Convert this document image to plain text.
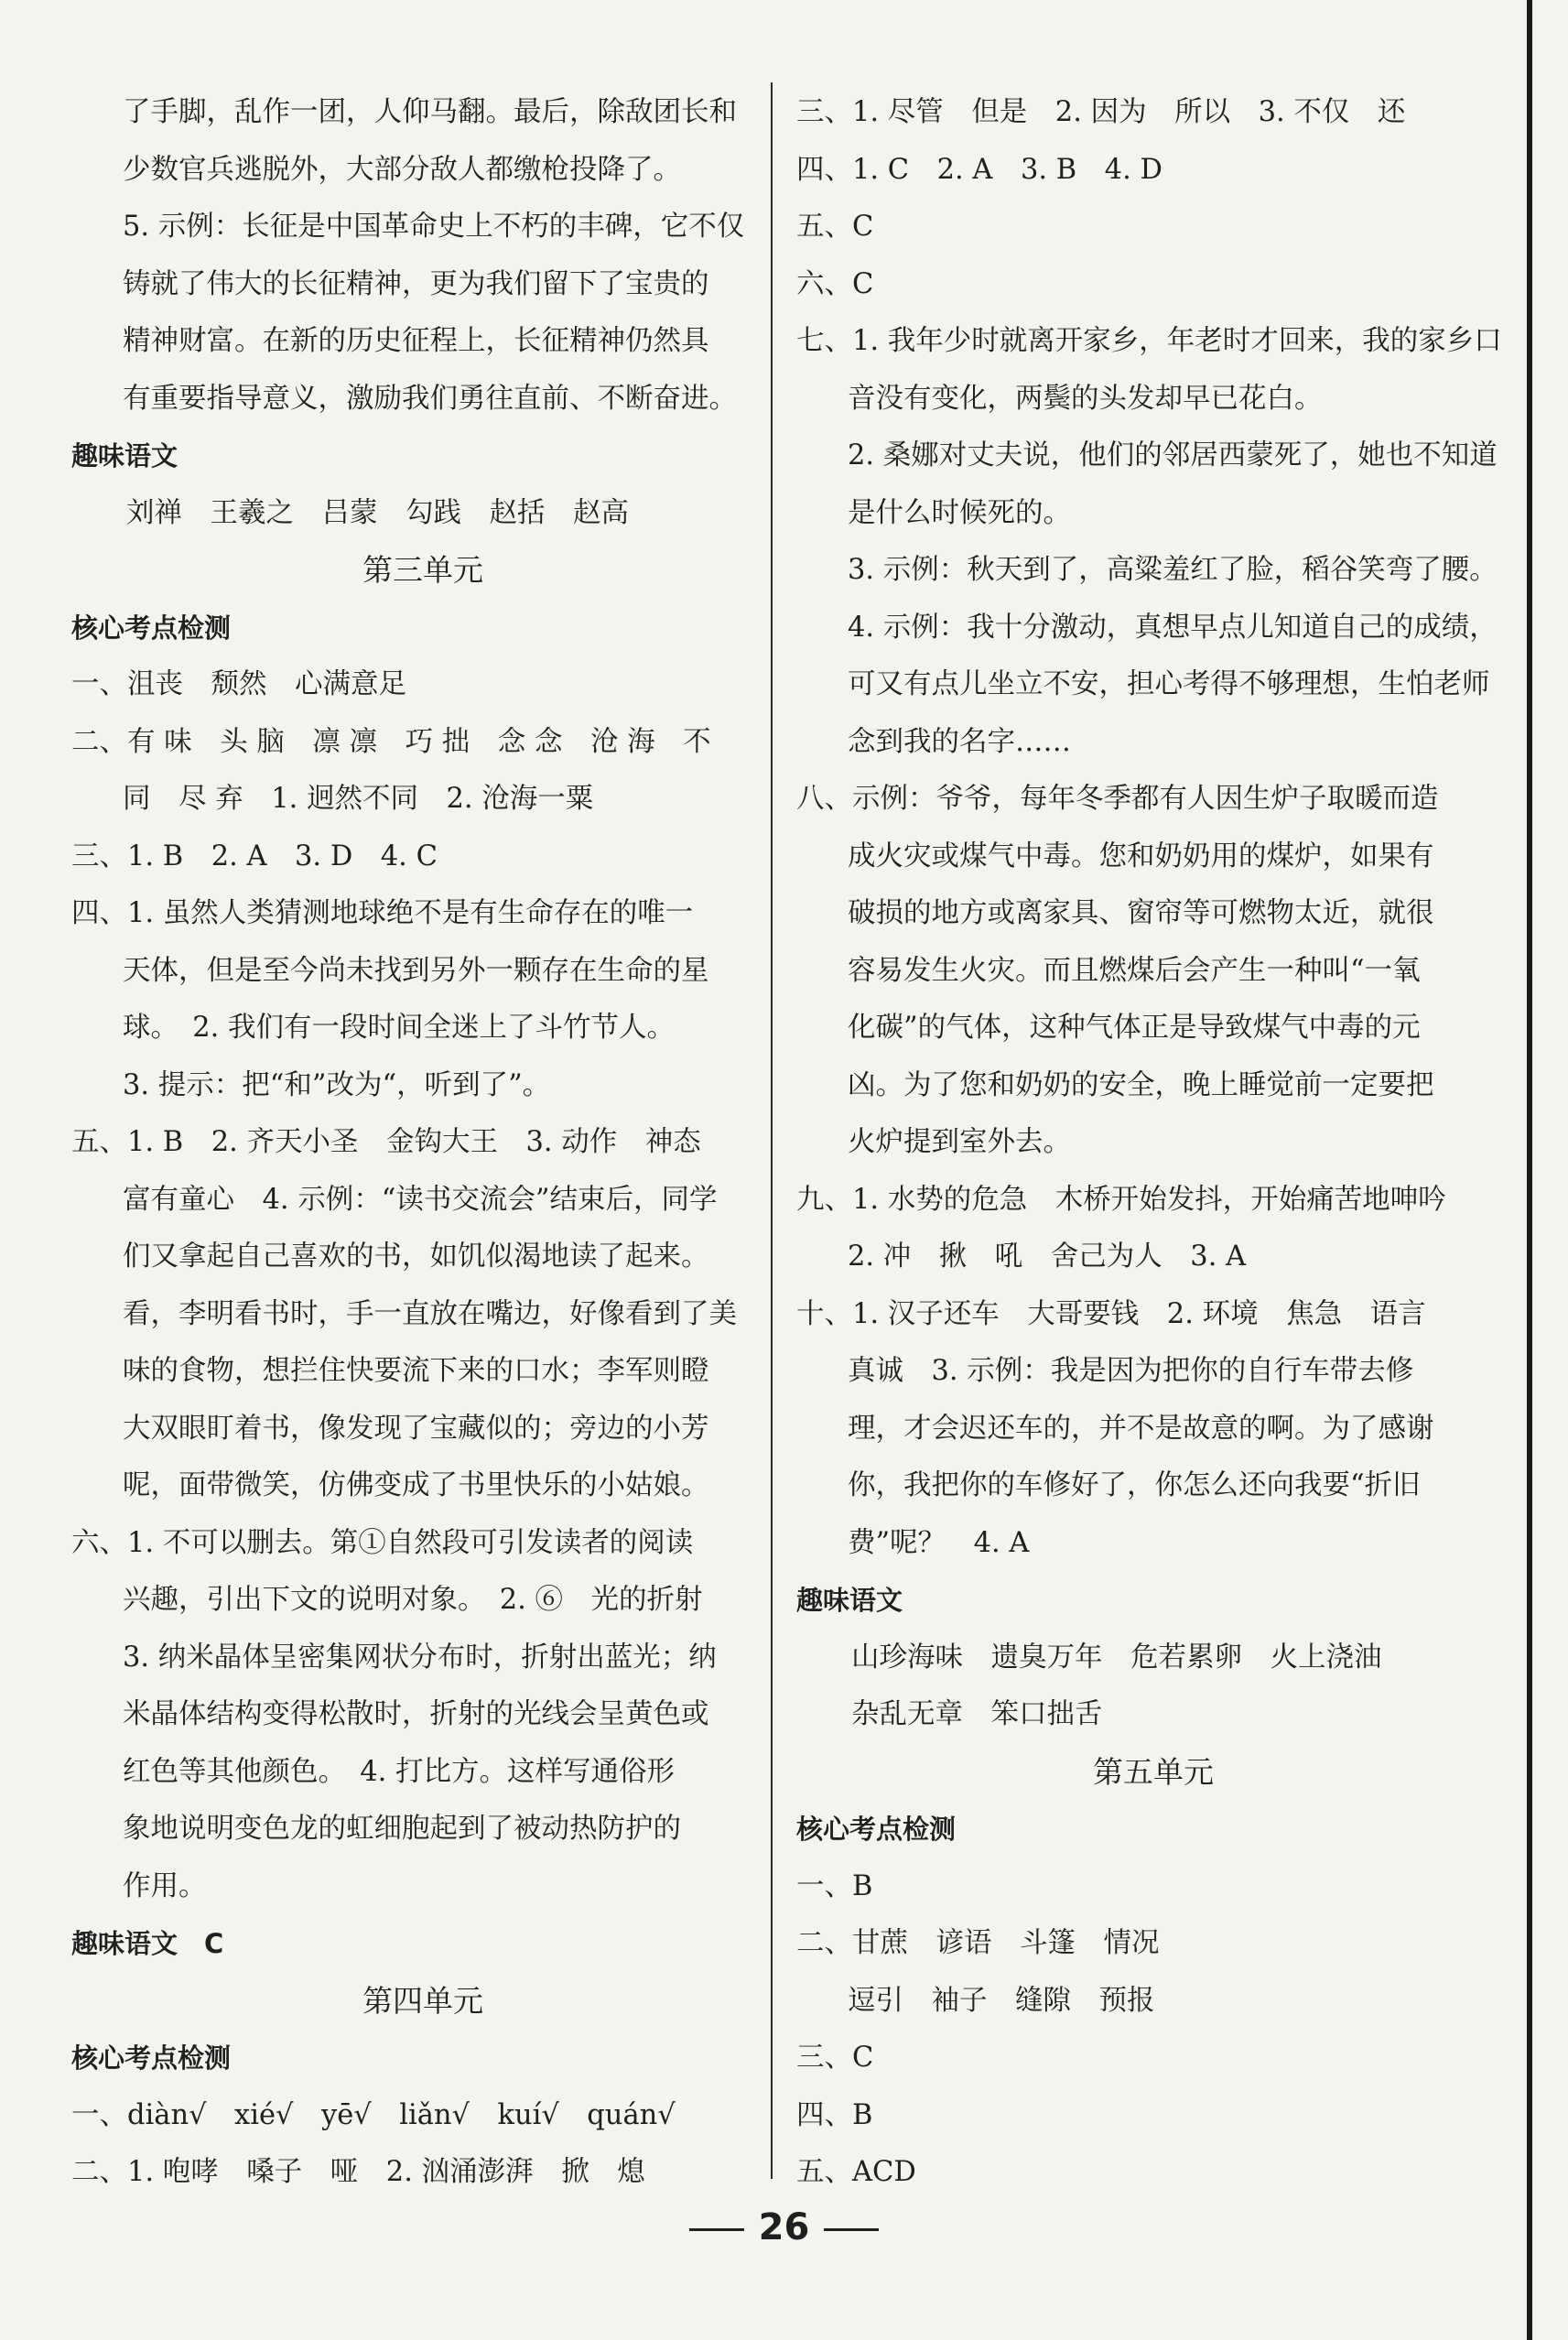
了手脚，乱作一团，人仰马翻。最后，除敌团长和
少数官兵逃脱外，大部分敌人都缴枪投降了。
5. 示例：长征是中国革命史上不朽的丰碑，它不仅
铸就了伟大的长征精神，更为我们留下了宝贵的
精神财富。在新的历史征程上，长征精神仍然具
有重要指导意义，激励我们勇往直前、不断奋进。
趣味语文
刘禅　王羲之　吕蒙　勾践　赵括　赵高
第三单元
核心考点检测
一、沮丧　颓然　心满意足
二、有 味　头 脑　凛 凛　巧 拙　念 念　沧 海　不
同　尽 弃　1. 迥然不同　2. 沧海一粟
三、1. B　2. A　3. D　4. C
四、1. 虽然人类猜测地球绝不是有生命存在的唯一
天体，但是至今尚未找到另外一颗存在生命的星
球。　2. 我们有一段时间全迷上了斗竹节人。
3. 提示：把“和”改为“，听到了”。
五、1. B　2. 齐天小圣　金钩大王　3. 动作　神态
富有童心　4. 示例：“读书交流会”结束后，同学
们又拿起自己喜欢的书，如饥似渴地读了起来。
看，李明看书时，手一直放在嘴边，好像看到了美
味的食物，想拦住快要流下来的口水；李军则瞪
大双眼盯着书，像发现了宝藏似的；旁边的小芳
呢，面带微笑，仿佛变成了书里快乐的小姑娘。
六、1. 不可以删去。第①自然段可引发读者的阅读
兴趣，引出下文的说明对象。　2. ⑥　光的折射
3. 纳米晶体呈密集网状分布时，折射出蓝光；纳
米晶体结构变得松散时，折射的光线会呈黄色或
红色等其他颜色。　4. 打比方。这样写通俗形
象地说明变色龙的虹细胞起到了被动热防护的
作用。
趣味语文　C
第四单元
核心考点检测
一、diàn√　xié√　yē√　liǎn√　kuí√　quán√
二、1. 咆哮　嗓子　哑　2. 汹涌澎湃　掀　熄
三、1. 尽管　但是　2. 因为　所以　3. 不仅　还
四、1. C　2. A　3. B　4. D
五、C
六、C
七、1. 我年少时就离开家乡，年老时才回来，我的家乡口
音没有变化，两鬓的头发却早已花白。
2. 桑娜对丈夫说，他们的邻居西蒙死了，她也不知道
是什么时候死的。
3. 示例：秋天到了，高粱羞红了脸，稻谷笑弯了腰。
4. 示例：我十分激动，真想早点儿知道自己的成绩，
可又有点儿坐立不安，担心考得不够理想，生怕老师
念到我的名字……
八、示例：爷爷，每年冬季都有人因生炉子取暖而造
成火灾或煤气中毒。您和奶奶用的煤炉，如果有
破损的地方或离家具、窗帘等可燃物太近，就很
容易发生火灾。而且燃煤后会产生一种叫“一氧
化碳”的气体，这种气体正是导致煤气中毒的元
凶。为了您和奶奶的安全，晚上睡觉前一定要把
火炉提到室外去。
九、1. 水势的危急　木桥开始发抖，开始痛苦地呻吟
2. 冲　揪　吼　舍己为人　3. A
十、1. 汉子还车　大哥要钱　2. 环境　焦急　语言
真诚　3. 示例：我是因为把你的自行车带去修
理，才会迟还车的，并不是故意的啊。为了感谢
你，我把你的车修好了，你怎么还向我要“折旧
费”呢？　4. A
趣味语文
山珍海味　遗臭万年　危若累卵　火上浇油
杂乱无章　笨口拙舌
第五单元
核心考点检测
一、B
二、甘蔗　谚语　斗篷　情况
逗引　袖子　缝隙　预报
三、C
四、B
五、ACD
26
